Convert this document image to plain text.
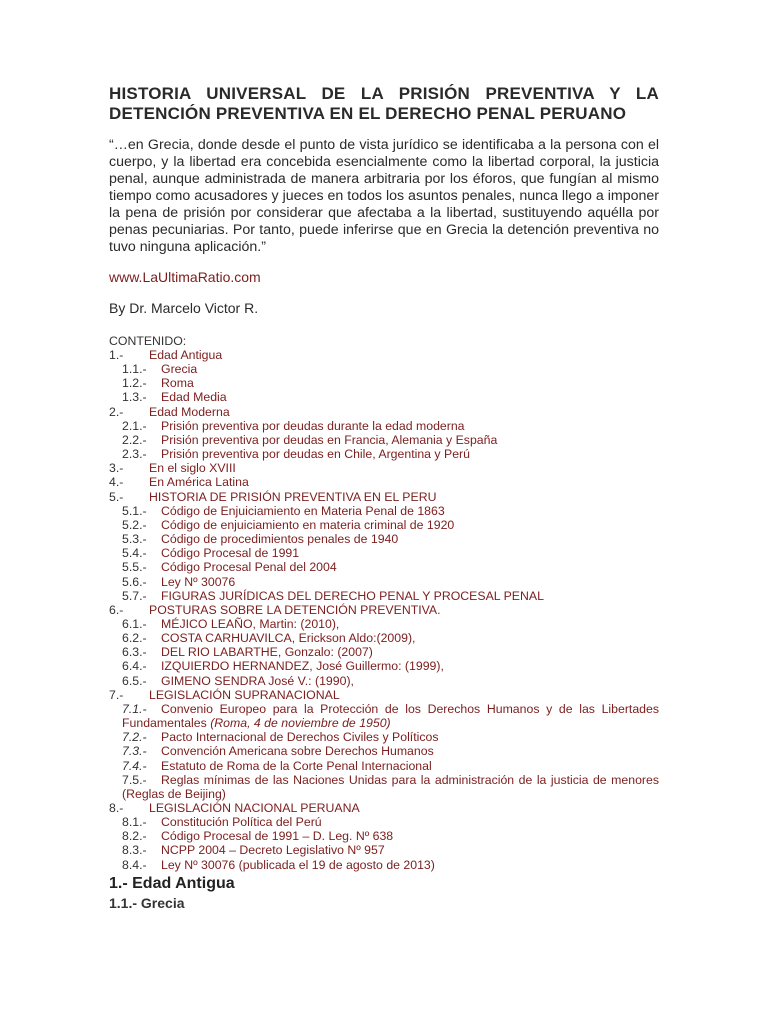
HISTORIA UNIVERSAL DE LA PRISIÓN PREVENTIVA Y LA DETENCIÓN PREVENTIVA EN EL DERECHO PENAL PERUANO
“…en Grecia, donde desde el punto de vista jurídico se identificaba a la persona con el cuerpo, y la libertad era concebida esencialmente como la libertad corporal, la justicia penal, aunque administrada de manera arbitraria por los éforos, que fungían al mismo tiempo como acusadores y jueces en todos los asuntos penales, nunca llego a imponer la pena de prisión por considerar que afectaba a la libertad, sustituyendo aquélla por penas pecuniarias. Por tanto, puede inferirse que en Grecia la detención preventiva no tuvo ninguna aplicación.”
www.LaUltimaRatio.com
By Dr. Marcelo Victor R.
CONTENIDO:
1.- Edad Antigua
1.1.- Grecia
1.2.- Roma
1.3.- Edad Media
2.- Edad Moderna
2.1.- Prisión preventiva por deudas durante la edad moderna
2.2.- Prisión preventiva por deudas en Francia, Alemania y España
2.3.- Prisión preventiva por deudas en Chile, Argentina y Perú
3.- En el siglo XVIII
4.- En América Latina
5.- HISTORIA DE PRISIÓN PREVENTIVA EN EL PERU
5.1.- Código de Enjuiciamiento en Materia Penal de 1863
5.2.- Código de enjuiciamiento en materia criminal de 1920
5.3.- Código de procedimientos penales de 1940
5.4.- Código Procesal de 1991
5.5.- Código Procesal Penal del 2004
5.6.- Ley Nº 30076
5.7.- FIGURAS JURÍDICAS DEL DERECHO PENAL Y PROCESAL PENAL
6.- POSTURAS SOBRE LA DETENCIÓN PREVENTIVA.
6.1.- MÉJICO LEAÑO, Martin: (2010),
6.2.- COSTA CARHUAVILCA, Erickson Aldo:(2009),
6.3.- DEL RIO LABARTHE, Gonzalo: (2007)
6.4.- IZQUIERDO HERNANDEZ, José Guillermo: (1999),
6.5.- GIMENO SENDRA José V.: (1990),
7.- LEGISLACIÓN SUPRANACIONAL
7.1.- Convenio Europeo para la Protección de los Derechos Humanos y de las Libertades Fundamentales (Roma, 4 de noviembre de 1950)
7.2.- Pacto Internacional de Derechos Civiles y Políticos
7.3.- Convención Americana sobre Derechos Humanos
7.4.- Estatuto de Roma de la Corte Penal Internacional
7.5.- Reglas mínimas de las Naciones Unidas para la administración de la justicia de menores (Reglas de Beijing)
8.- LEGISLACIÓN NACIONAL PERUANA
8.1.- Constitución Política del Perú
8.2.- Código Procesal de 1991 – D. Leg. Nº 638
8.3.- NCPP 2004 – Decreto Legislativo Nº 957
8.4.- Ley Nº 30076 (publicada el 19 de agosto de 2013)
1.- Edad Antigua
1.1.- Grecia
